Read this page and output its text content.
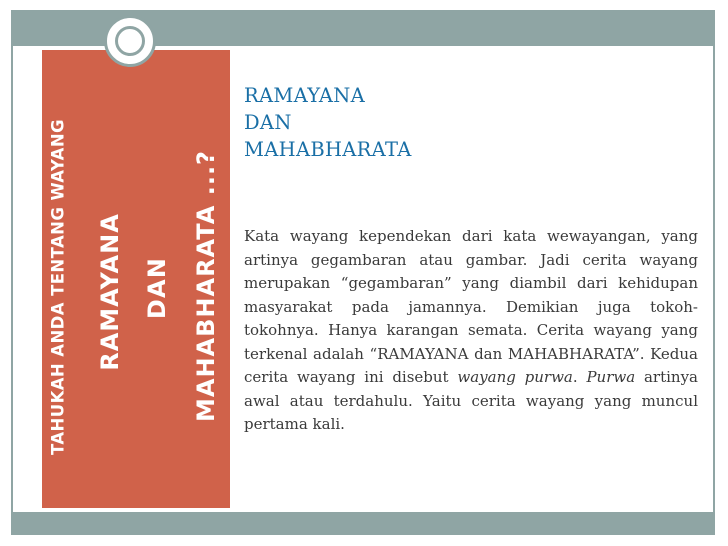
TAHUKAH ANDA TENTANG WAYANG RAMAYANA DAN MAHABHARATA ...?
RAMAYANA
DAN
MAHABHARATA

Kata wayang kependekan dari kata wewayangan, yang artinya gegambaran atau gambar. Jadi cerita wayang merupakan “gegambaran” yang diambil dari kehidupan masyarakat pada jamannya. Demikian juga tokoh-tokohnya. Hanya karangan semata. Cerita wayang yang terkenal adalah “RAMAYANA dan MAHABHARATA”. Kedua cerita wayang ini disebut wayang purwa. Purwa artinya awal atau terdahulu. Yaitu cerita wayang yang muncul pertama kali.
